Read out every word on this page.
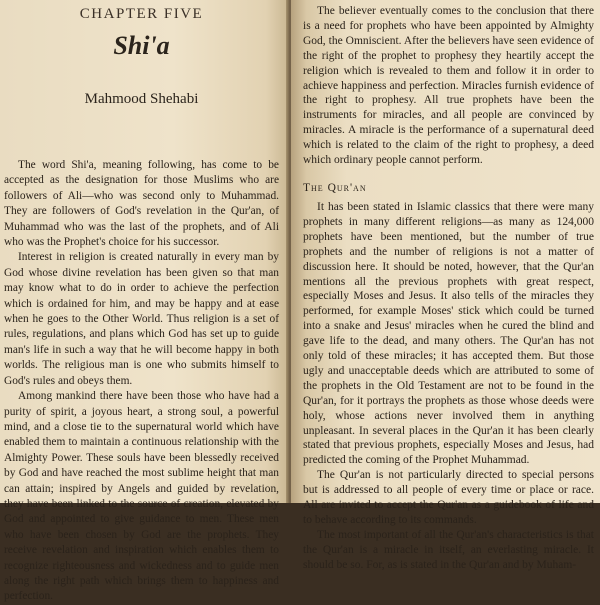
CHAPTER FIVE
Shi'a
Mahmood Shehabi

The word Shi'a, meaning following, has come to be accepted as the designation for those Muslims who are followers of Ali—who was second only to Muhammad. They are followers of God's revelation in the Qur'an, of Muhammad who was the last of the prophets, and of Ali who was the Prophet's choice for his successor.

Interest in religion is created naturally in every man by God whose divine revelation has been given so that man may know what to do in order to achieve the perfection which is ordained for him, and may be happy and at ease when he goes to the Other World. Thus religion is a set of rules, regulations, and plans which God has set up to guide man's life in such a way that he will become happy in both worlds. The religious man is one who submits himself to God's rules and obeys them.

Among mankind there have been those who have had a purity of spirit, a joyous heart, a strong soul, a powerful mind, and a close tie to the supernatural world which have enabled them to maintain a continuous relationship with the Almighty Power. These souls have been blessedly received by God and have reached the most sublime height that man can attain; inspired by Angels and guided by revelation, they have been linked to the source of creation, elevated by God and appointed to give guidance to men. These men who have been chosen by God are the prophets. They receive revelation and inspiration which enables them to recognize righteousness and wickedness and to guide men along the right path which brings them to happiness and perfection.

The believer eventually comes to the conclusion that there is a need for prophets who have been appointed by Almighty God, the Omniscient. After the believers have seen evidence of the right of the prophet to prophesy they heartily accept the religion which is revealed to them and follow it in order to achieve happiness and perfection. Miracles furnish evidence of the right to prophesy. All true prophets have been the instruments for miracles, and all people are convinced by miracles. A miracle is the performance of a supernatural deed which is related to the claim of the right to prophesy, a deed which ordinary people cannot perform.

The Qur'an

It has been stated in Islamic classics that there were many prophets in many different religions—as many as 124,000 prophets have been mentioned, but the number of true prophets and the number of religions is not a matter of discussion here. It should be noted, however, that the Qur'an mentions all the previous prophets with great respect, especially Moses and Jesus. It also tells of the miracles they performed, for example Moses' stick which could be turned into a snake and Jesus' miracles when he cured the blind and gave life to the dead, and many others. The Qur'an has not only told of these miracles; it has accepted them. But those ugly and unacceptable deeds which are attributed to some of the prophets in the Old Testament are not to be found in the Qur'an, for it portrays the prophets as those whose deeds were holy, whose actions never involved them in anything unpleasant. In several places in the Qur'an it has been clearly stated that previous prophets, especially Moses and Jesus, had predicted the coming of the Prophet Muhammad.

The Qur'an is not particularly directed to special persons but is addressed to all people of every time or place or race. All are invited to accept the Qur'an as a guidebook of life and to behave according to its commands.

The most important of all the Qur'an's characteristics is that the Qur'an is a miracle in itself, an everlasting miracle. It should be so. For, as is stated in the Qur'an and by Muham-
